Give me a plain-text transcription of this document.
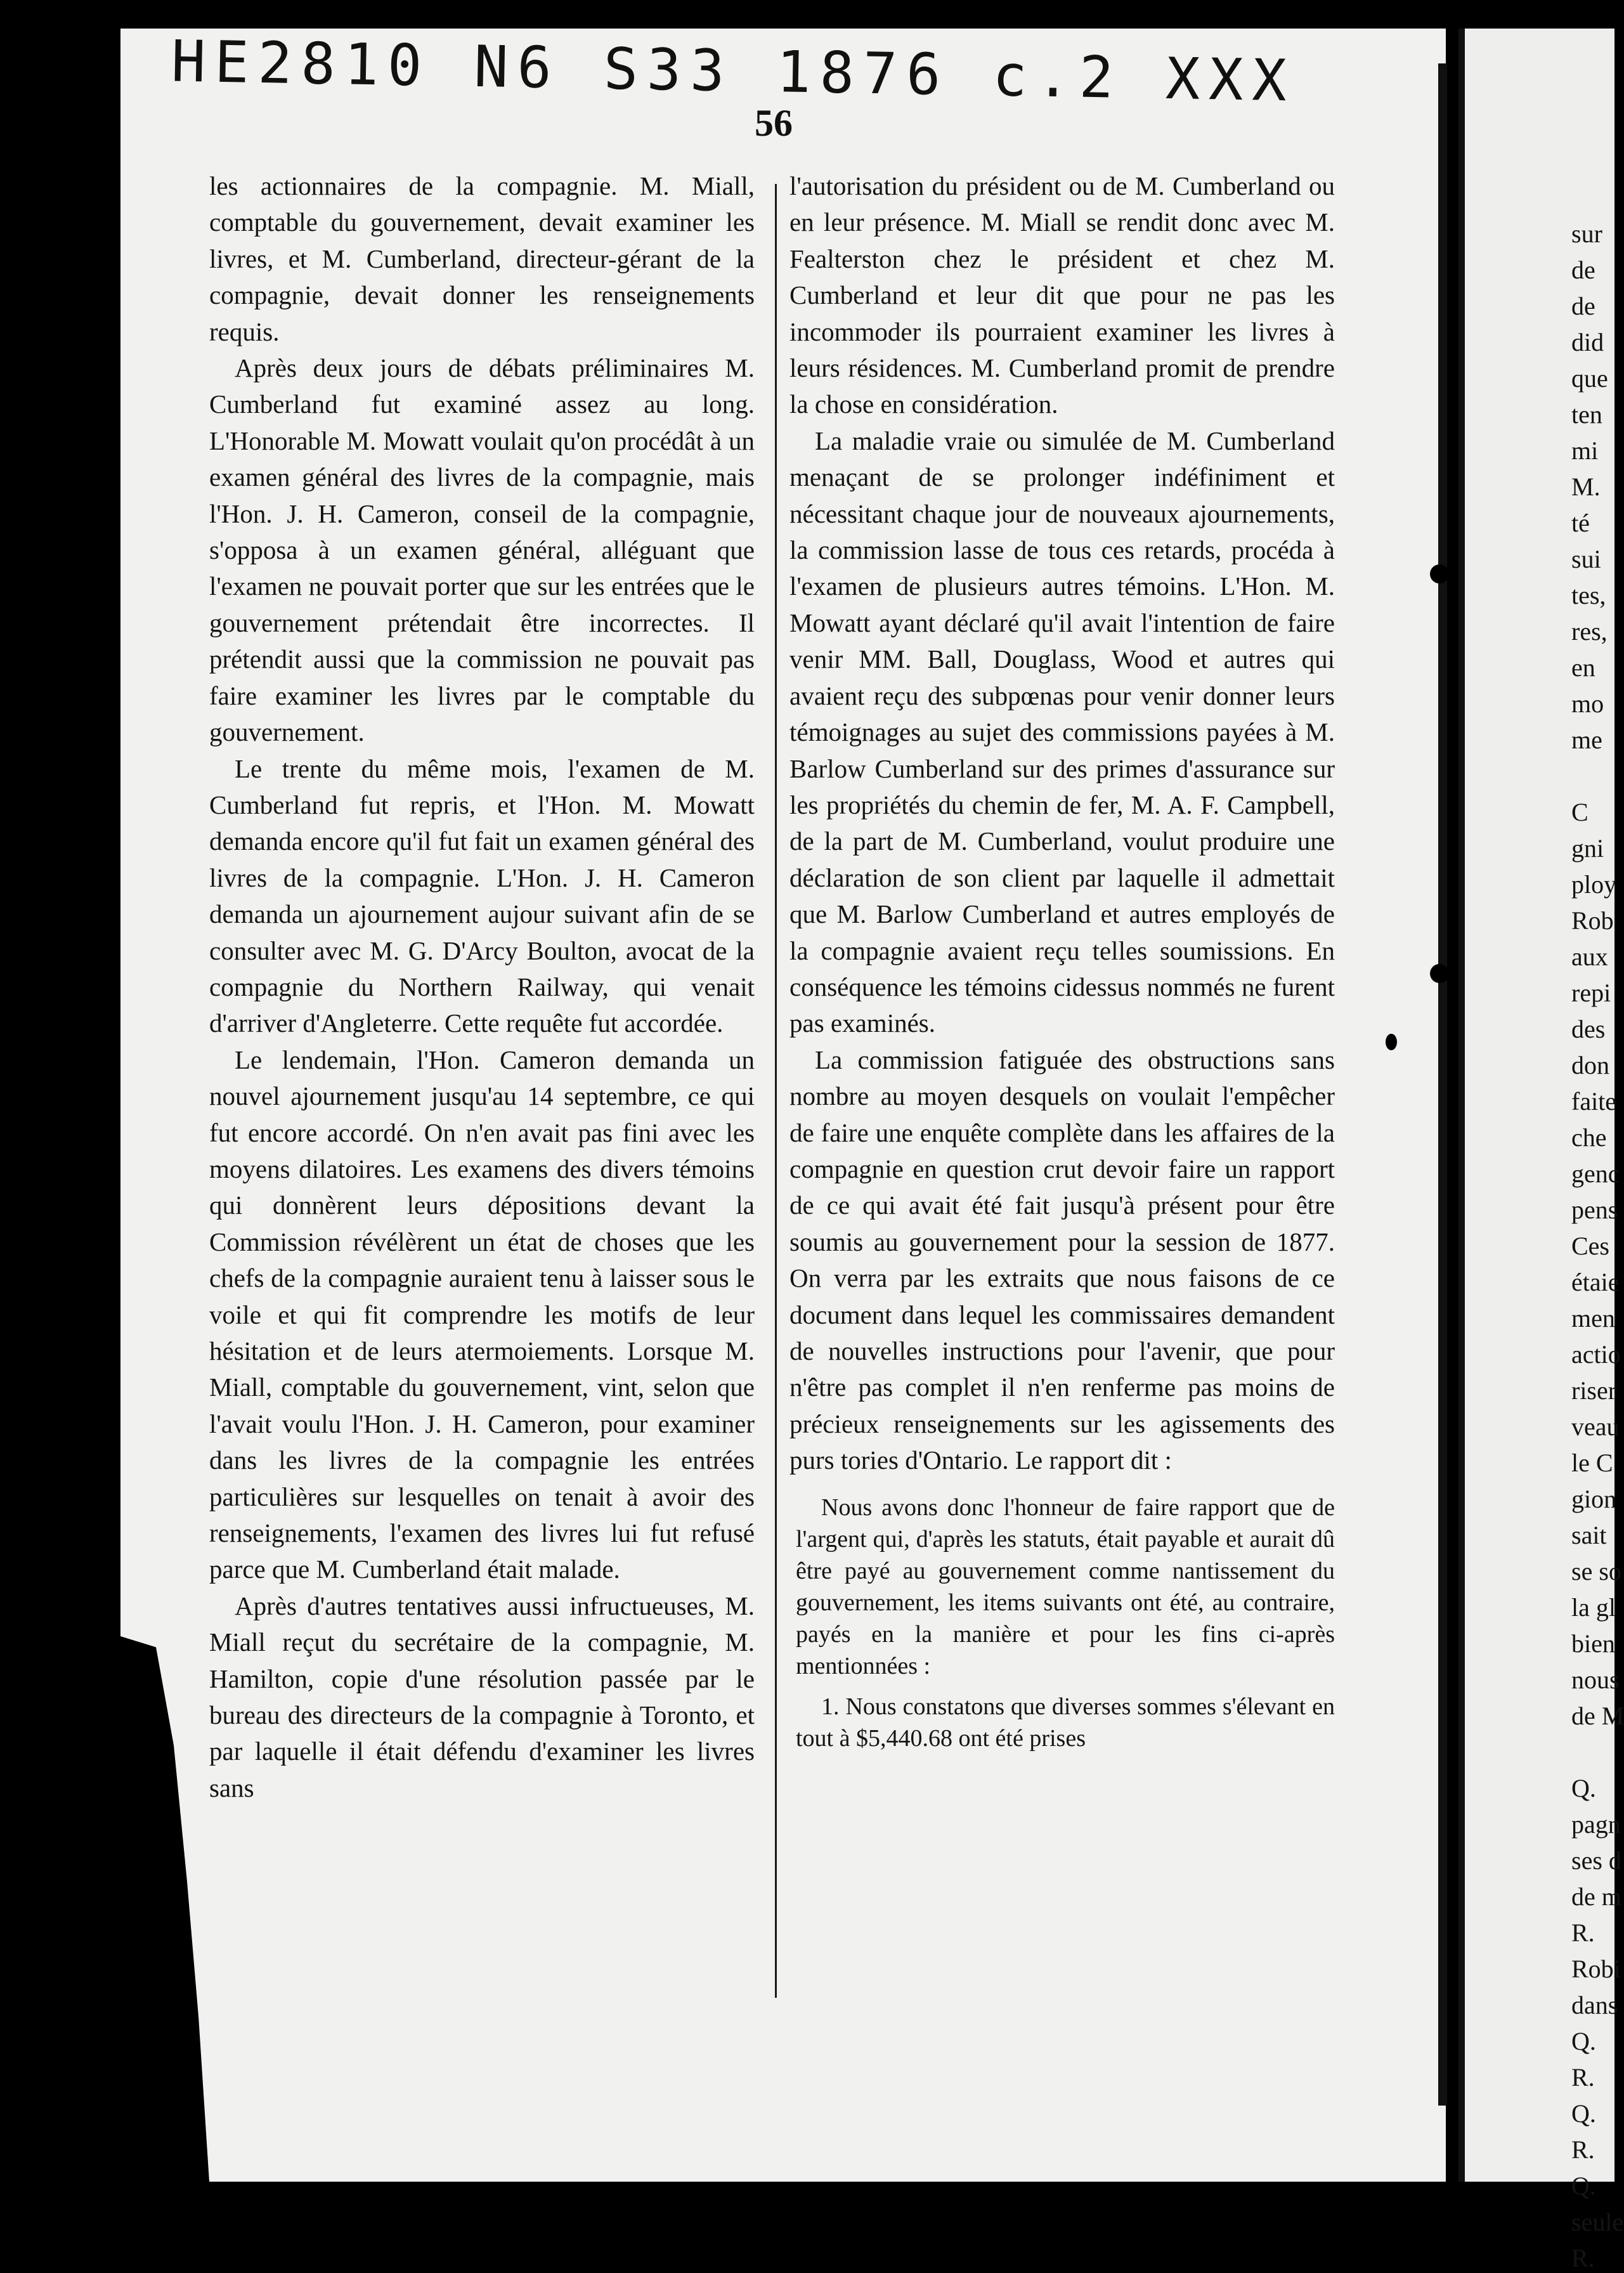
HE2810 N6 S33 1876 c.2 XXX
56

les actionnaires de la compagnie. M. Miall, comptable du gouvernement, devait examiner les livres, et M. Cumberland, directeur-gérant de la compagnie, devait donner les renseignements requis.

Après deux jours de débats préliminaires M. Cumberland fut examiné assez au long. L'Honorable M. Mowatt voulait qu'on procédât à un examen général des livres de la compagnie, mais l'Hon. J. H. Cameron, conseil de la compagnie, s'opposa à un examen général, alléguant que l'examen ne pouvait porter que sur les entrées que le gouvernement prétendait être incorrectes. Il prétendit aussi que la commission ne pouvait pas faire examiner les livres par le comptable du gouvernement.

Le trente du même mois, l'examen de M. Cumberland fut repris, et l'Hon. M. Mowatt demanda encore qu'il fut fait un examen général des livres de la compagnie. L'Hon. J. H. Cameron demanda un ajournement aujour suivant afin de se consulter avec M. G. D'Arcy Boulton, avocat de la compagnie du Northern Railway, qui venait d'arriver d'Angleterre. Cette requête fut accordée.

Le lendemain, l'Hon. Cameron demanda un nouvel ajournement jusqu'au 14 septembre, ce qui fut encore accordé. On n'en avait pas fini avec les moyens dilatoires. Les examens des divers témoins qui donnèrent leurs dépositions devant la Commission révélèrent un état de choses que les chefs de la compagnie auraient tenu à laisser sous le voile et qui fit comprendre les motifs de leur hésitation et de leurs atermoiements. Lorsque M. Miall, comptable du gouvernement, vint, selon que l'avait voulu l'Hon. J. H. Cameron, pour examiner dans les livres de la compagnie les entrées particulières sur lesquelles on tenait à avoir des renseignements, l'examen des livres lui fut refusé parce que M. Cumberland était malade.

Après d'autres tentatives aussi infructueuses, M. Miall reçut du secrétaire de la compagnie, M. Hamilton, copie d'une résolution passée par le bureau des directeurs de la compagnie à Toronto, et par laquelle il était défendu d'examiner les livres sans

l'autorisation du président ou de M. Cumberland ou en leur présence. M. Miall se rendit donc avec M. Fealterston chez le président et chez M. Cumberland et leur dit que pour ne pas les incommoder ils pourraient examiner les livres à leurs résidences. M. Cumberland promit de prendre la chose en considération.

La maladie vraie ou simulée de M. Cumberland menaçant de se prolonger indéfiniment et nécessitant chaque jour de nouveaux ajournements, la commission lasse de tous ces retards, procéda à l'examen de plusieurs autres témoins. L'Hon. M. Mowatt ayant déclaré qu'il avait l'intention de faire venir MM. Ball, Douglass, Wood et autres qui avaient reçu des subpœnas pour venir donner leurs témoignages au sujet des commissions payées à M. Barlow Cumberland sur des primes d'assurance sur les propriétés du chemin de fer, M. A. F. Campbell, de la part de M. Cumberland, voulut produire une déclaration de son client par laquelle il admettait que M. Barlow Cumberland et autres employés de la compagnie avaient reçu telles soumissions. En conséquence les témoins cidessus nommés ne furent pas examinés.

La commission fatiguée des obstructions sans nombre au moyen desquels on voulait l'empêcher de faire une enquête complète dans les affaires de la compagnie en question crut devoir faire un rapport de ce qui avait été fait jusqu'à présent pour être soumis au gouvernement pour la session de 1877. On verra par les extraits que nous faisons de ce document dans lequel les commissaires demandent de nouvelles instructions pour l'avenir, que pour n'être pas complet il n'en renferme pas moins de précieux renseignements sur les agissements des purs tories d'Ontario. Le rapport dit :

Nous avons donc l'honneur de faire rapport que de l'argent qui, d'après les statuts, était payable et aurait dû être payé au gouvernement comme nantissement du gouvernement, les items suivants ont été, au contraire, payés en la manière et pour les fins ci-après mentionnées :

1. Nous constatons que diverses sommes s'élevant en tout à $5,440.68 ont été prises

sur
de
de
did
que
ten
mi
M.
té
sui
tes,
res,
en
mo
me
C
gni
ploy
Rob
aux
repi
des
don
faite
che
genc
pens
Ces
étaie
men
actio
riser
veau
le C
gion
sait
se so
la gl
bien
nous
de M
Q.
pagn
ses d
de m
R.
Robi
dans
Q.
R.
Q.
R.
Q.
seule
R.
